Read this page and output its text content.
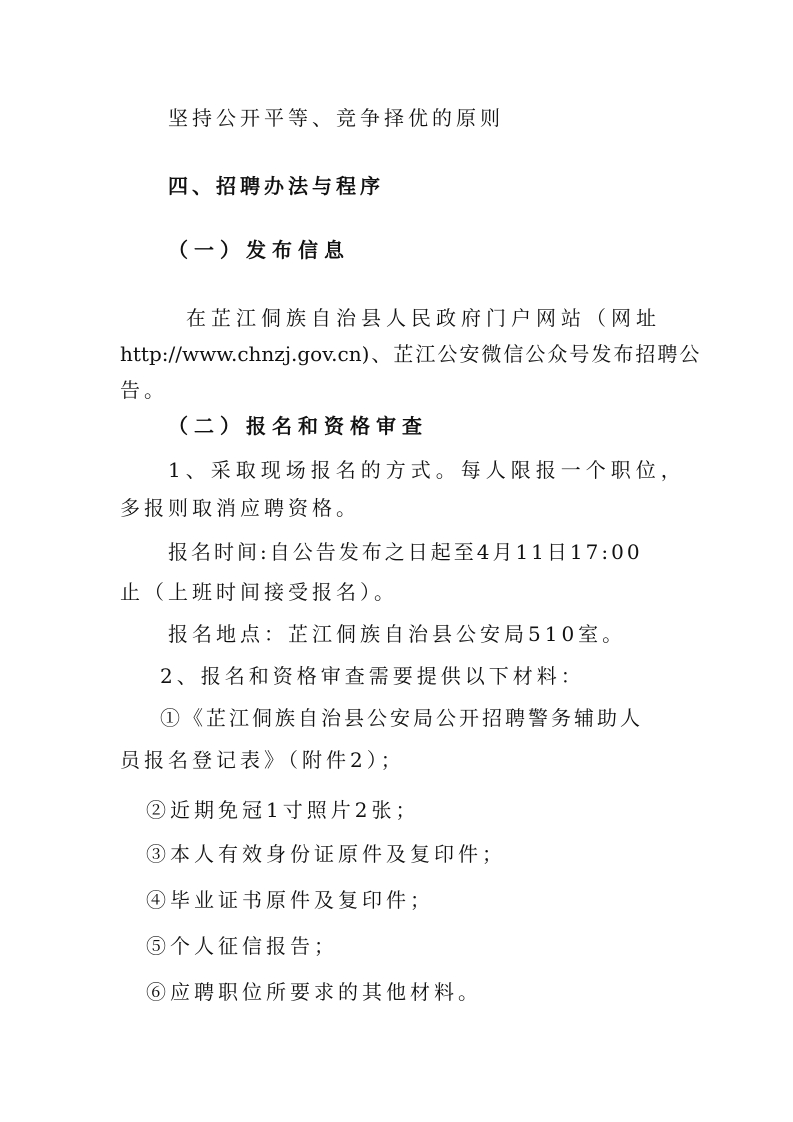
坚持公开平等、竞争择优的原则
四、招聘办法与程序
（一）发布信息
在芷江侗族自治县人民政府门户网站（网址
http://www.chnzj.gov.cn)、芷江公安微信公众号发布招聘公
告。
（二）报名和资格审查
1、采取现场报名的方式。每人限报一个职位，
多报则取消应聘资格。
报名时间:自公告发布之日起至4月11日17:00
止（上班时间接受报名）。
报名地点：芷江侗族自治县公安局510室。
2、报名和资格审查需要提供以下材料：
①《芷江侗族自治县公安局公开招聘警务辅助人
员报名登记表》（附件2）；
②近期免冠1寸照片2张；
③本人有效身份证原件及复印件；
④毕业证书原件及复印件；
⑤个人征信报告；
⑥应聘职位所要求的其他材料。
